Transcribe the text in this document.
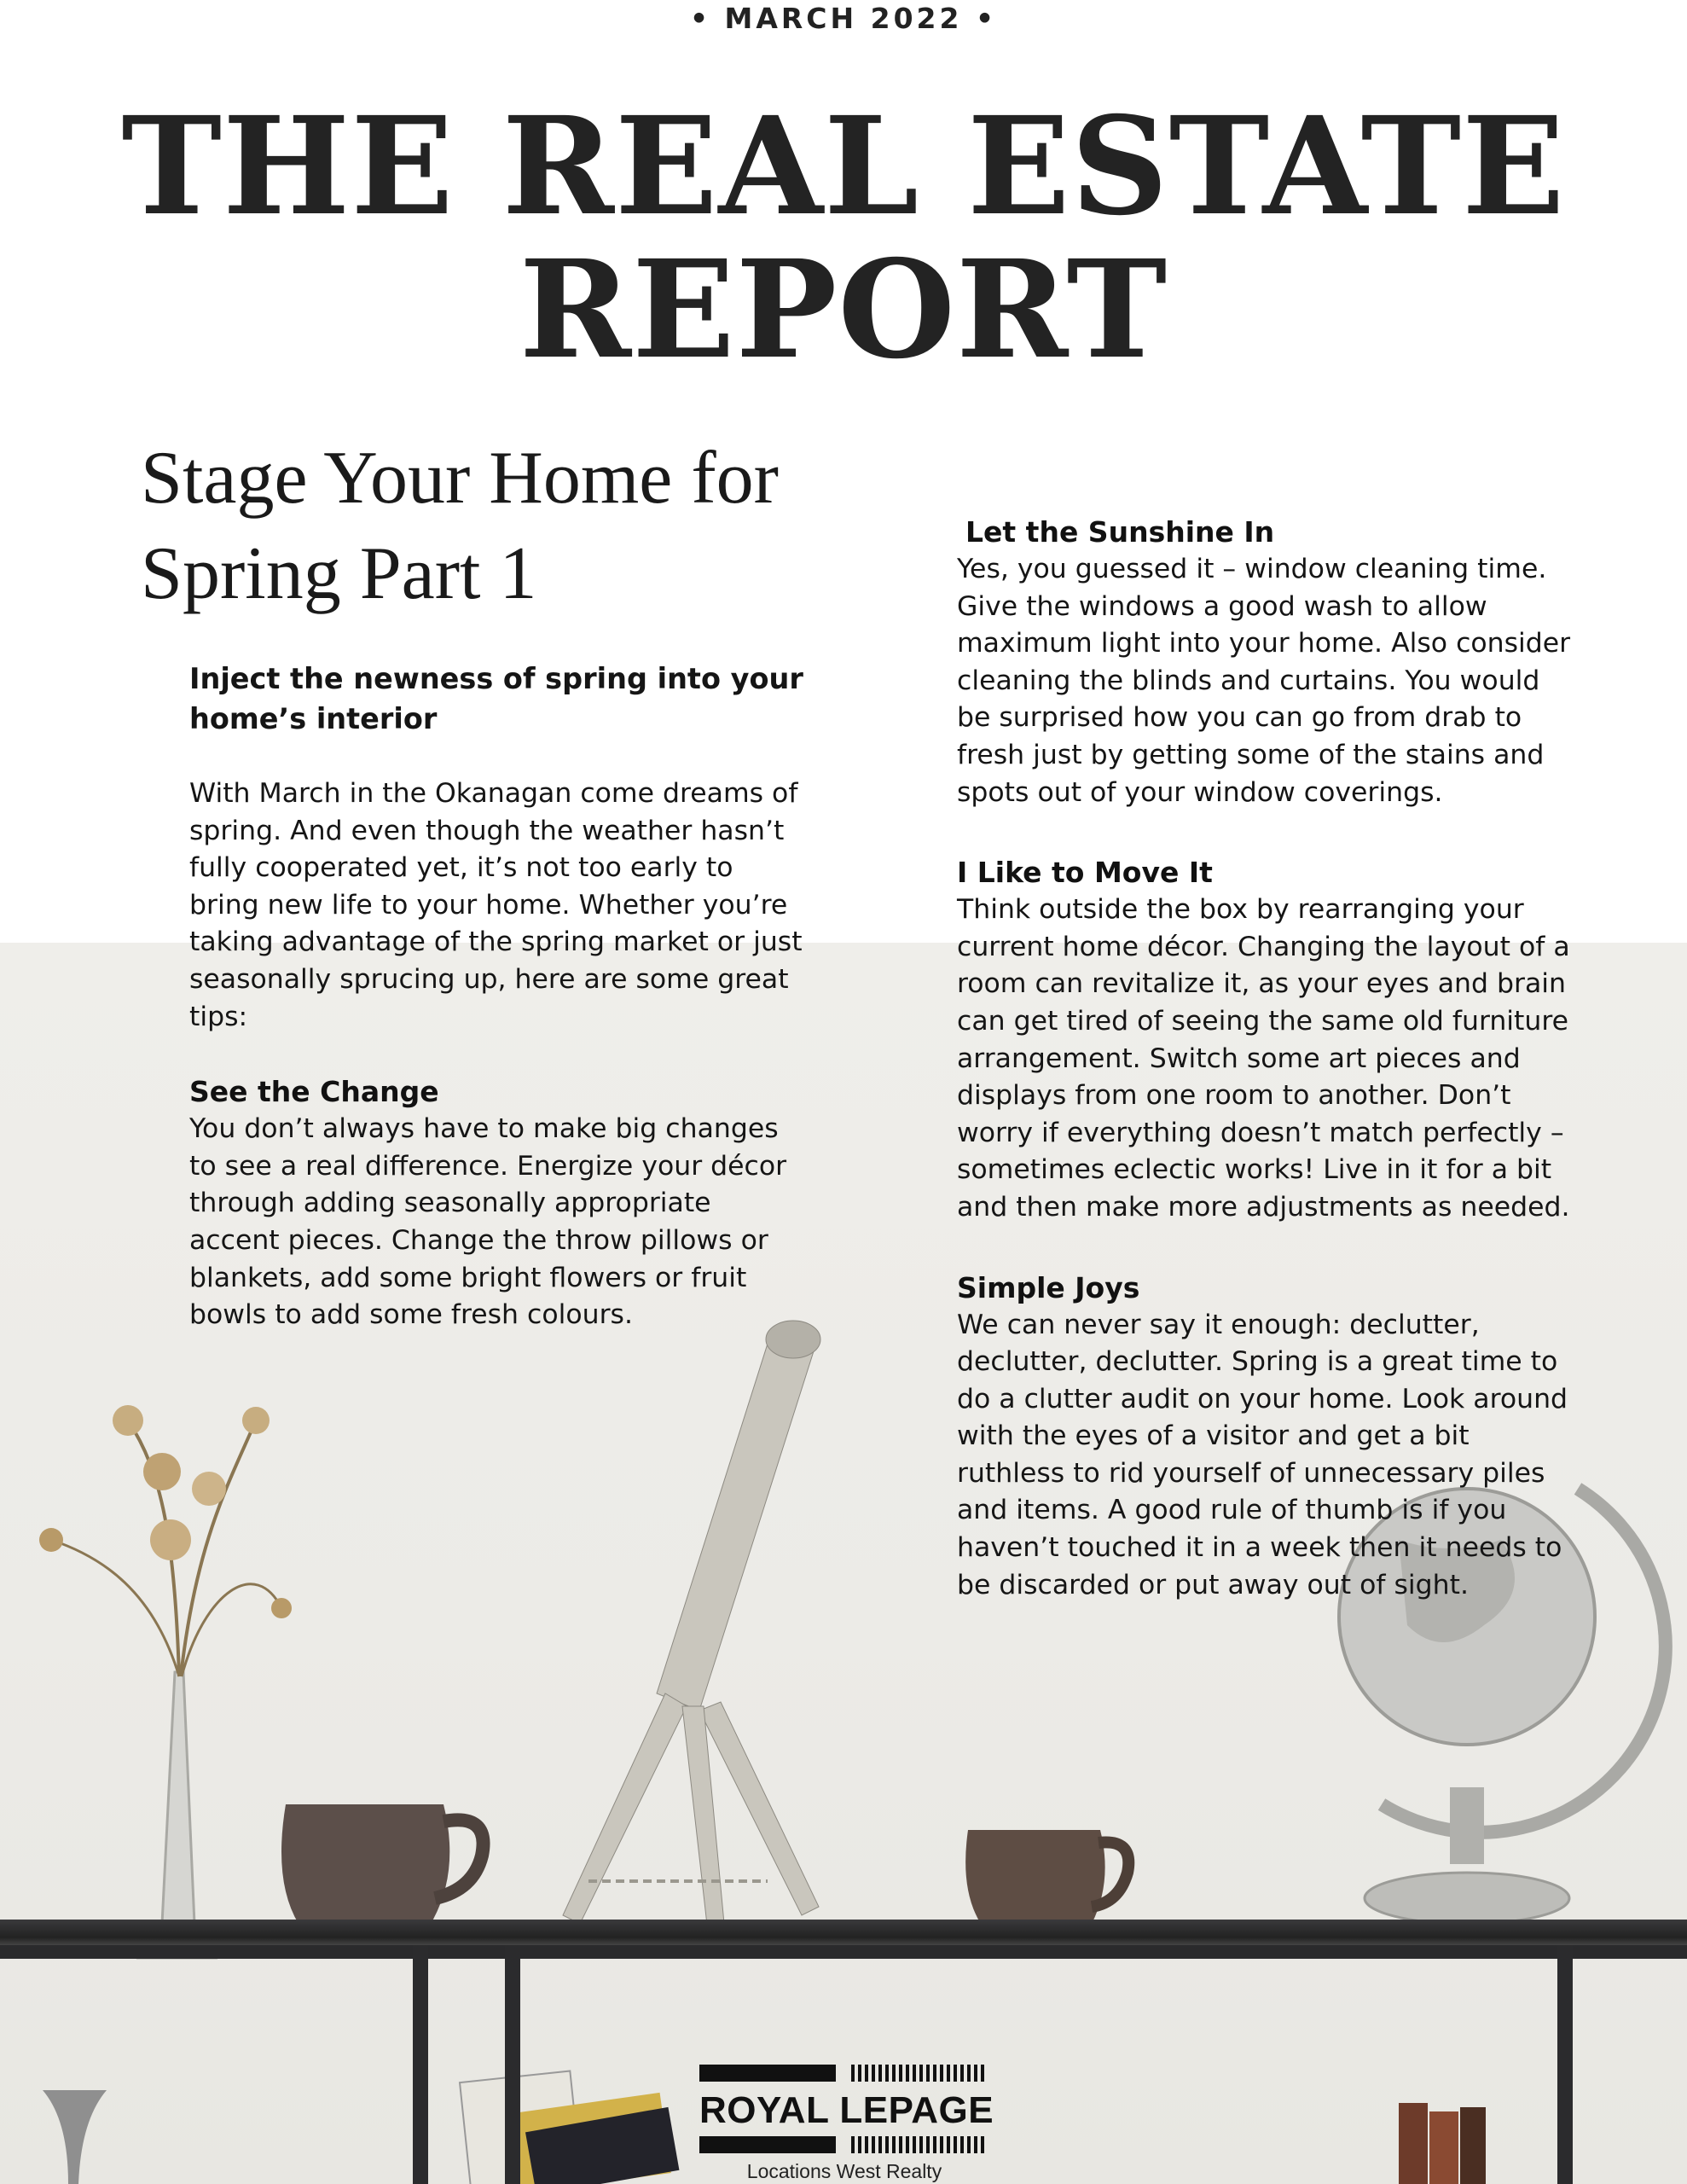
• MARCH 2022 •
THE REAL ESTATE
REPORT
Stage Your Home for
Spring Part 1

Inject the newness of spring into your home’s interior

With March in the Okanagan come dreams of spring. And even though the weather hasn’t fully cooperated yet, it’s not too early to bring new life to your home. Whether you’re taking advantage of the spring market or just seasonally sprucing up, here are some great tips:

See the Change

You don’t always have to make big changes to see a real difference. Energize your décor through adding seasonally appropriate accent pieces. Change the throw pillows or blankets, add some bright flowers or fruit bowls to add some fresh colours.

Let the Sunshine In

Yes, you guessed it – window cleaning time. Give the windows a good wash to allow maximum light into your home. Also consider cleaning the blinds and curtains. You would be surprised how you can go from drab to fresh just by getting some of the stains and spots out of your window coverings.

I Like to Move It

Think outside the box by rearranging your current home décor. Changing the layout of a room can revitalize it, as your eyes and brain can get tired of seeing the same old furniture arrangement. Switch some art pieces and displays from one room to another. Don’t worry if everything doesn’t match perfectly – sometimes eclectic works! Live in it for a bit and then make more adjustments as needed.

Simple Joys

We can never say it enough: declutter, declutter, declutter. Spring is a great time to do a clutter audit on your home. Look around with the eyes of a visitor and get a bit ruthless to rid yourself of unnecessary piles and items. A good rule of thumb is if you haven’t touched it in a week then it needs to be discarded or put away out of sight.

ROYAL LEPAGE
Locations West Realty
